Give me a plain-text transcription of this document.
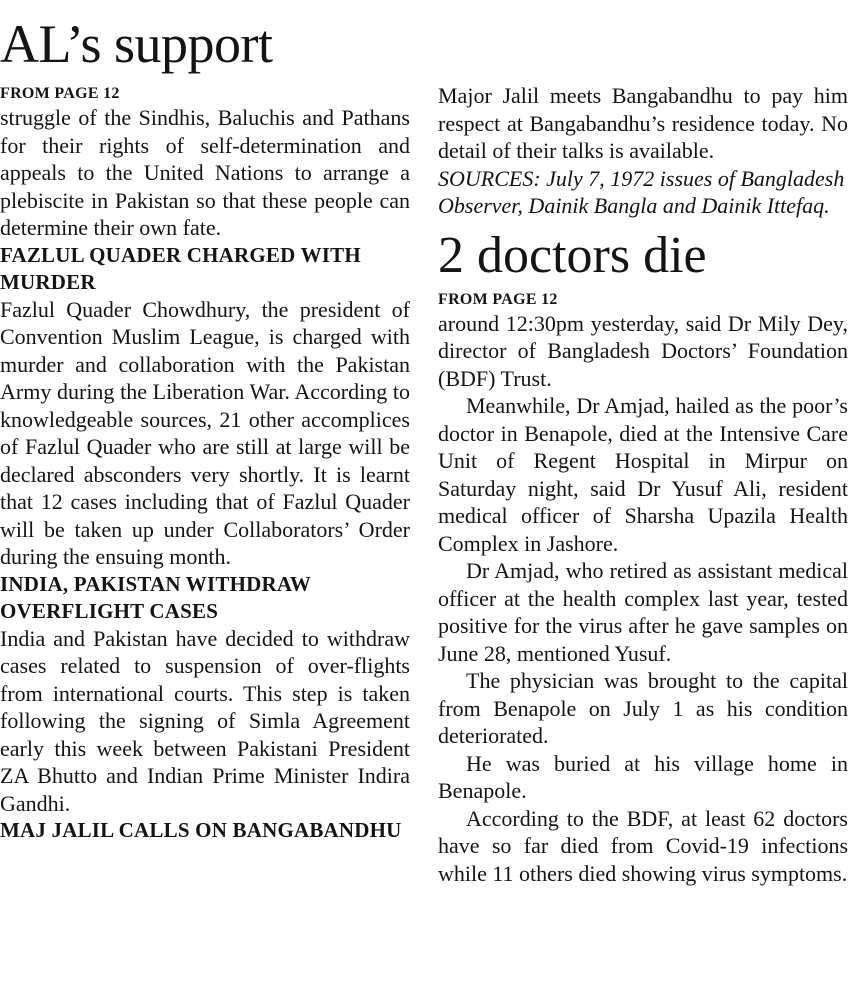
AL’s support
FROM PAGE 12

struggle of the Sindhis, Baluchis and Pathans for their rights of self-determination and appeals to the United Nations to arrange a plebiscite in Pakistan so that these people can determine their own fate.

FAZLUL QUADER CHARGED WITH MURDER

Fazlul Quader Chowdhury, the president of Convention Muslim League, is charged with murder and collaboration with the Pakistan Army during the Liberation War. According to knowledgeable sources, 21 other accomplices of Fazlul Quader who are still at large will be declared absconders very shortly. It is learnt that 12 cases including that of Fazlul Quader will be taken up under Collaborators’ Order during the ensuing month.

INDIA, PAKISTAN WITHDRAW OVERFLIGHT CASES

India and Pakistan have decided to withdraw cases related to suspension of over-flights from international courts. This step is taken following the signing of Simla Agreement early this week between Pakistani President ZA Bhutto and Indian Prime Minister Indira Gandhi.

MAJ JALIL CALLS ON BANGABANDHU

Major Jalil meets Bangabandhu to pay him respect at Bangabandhu’s residence today. No detail of their talks is available.

SOURCES: July 7, 1972 issues of Bangladesh Observer, Dainik Bangla and Dainik Ittefaq.

2 doctors die
FROM PAGE 12

around 12:30pm yesterday, said Dr Mily Dey, director of Bangladesh Doctors’ Foundation (BDF) Trust.

Meanwhile, Dr Amjad, hailed as the poor’s doctor in Benapole, died at the Intensive Care Unit of Regent Hospital in Mirpur on Saturday night, said Dr Yusuf Ali, resident medical officer of Sharsha Upazila Health Complex in Jashore.

Dr Amjad, who retired as assistant medical officer at the health complex last year, tested positive for the virus after he gave samples on June 28, mentioned Yusuf.

The physician was brought to the capital from Benapole on July 1 as his condition deteriorated.

He was buried at his village home in Benapole.

According to the BDF, at least 62 doctors have so far died from Covid-19 infections while 11 others died showing virus symptoms.
